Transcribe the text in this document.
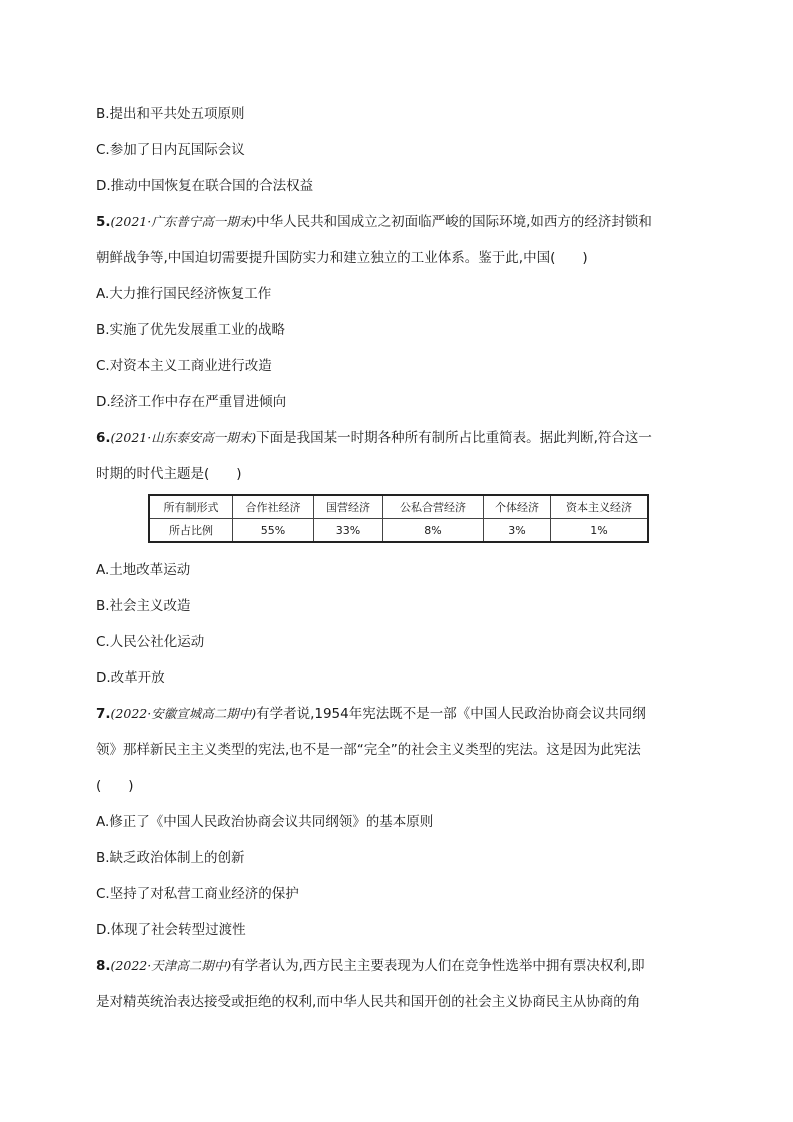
B.提出和平共处五项原则
C.参加了日内瓦国际会议
D.推动中国恢复在联合国的合法权益
5.(2021·广东普宁高一期末)中华人民共和国成立之初面临严峻的国际环境,如西方的经济封锁和
朝鲜战争等,中国迫切需要提升国防实力和建立独立的工业体系。鉴于此,中国(　　)
A.大力推行国民经济恢复工作
B.实施了优先发展重工业的战略
C.对资本主义工商业进行改造
D.经济工作中存在严重冒进倾向
6.(2021·山东泰安高一期末)下面是我国某一时期各种所有制所占比重简表。据此判断,符合这一
时期的时代主题是(　　)
所有制形式	合作社经济	国营经济	公私合营经济	个体经济	资本主义经济
所占比例	55%	33%	8%	3%	1%
A.土地改革运动
B.社会主义改造
C.人民公社化运动
D.改革开放
7.(2022·安徽宣城高二期中)有学者说,1954年宪法既不是一部《中国人民政治协商会议共同纲
领》那样新民主主义类型的宪法,也不是一部“完全”的社会主义类型的宪法。这是因为此宪法
(　　)
A.修正了《中国人民政治协商会议共同纲领》的基本原则
B.缺乏政治体制上的创新
C.坚持了对私营工商业经济的保护
D.体现了社会转型过渡性
8.(2022·天津高二期中)有学者认为,西方民主主要表现为人们在竞争性选举中拥有票决权利,即
是对精英统治表达接受或拒绝的权利,而中华人民共和国开创的社会主义协商民主从协商的角
